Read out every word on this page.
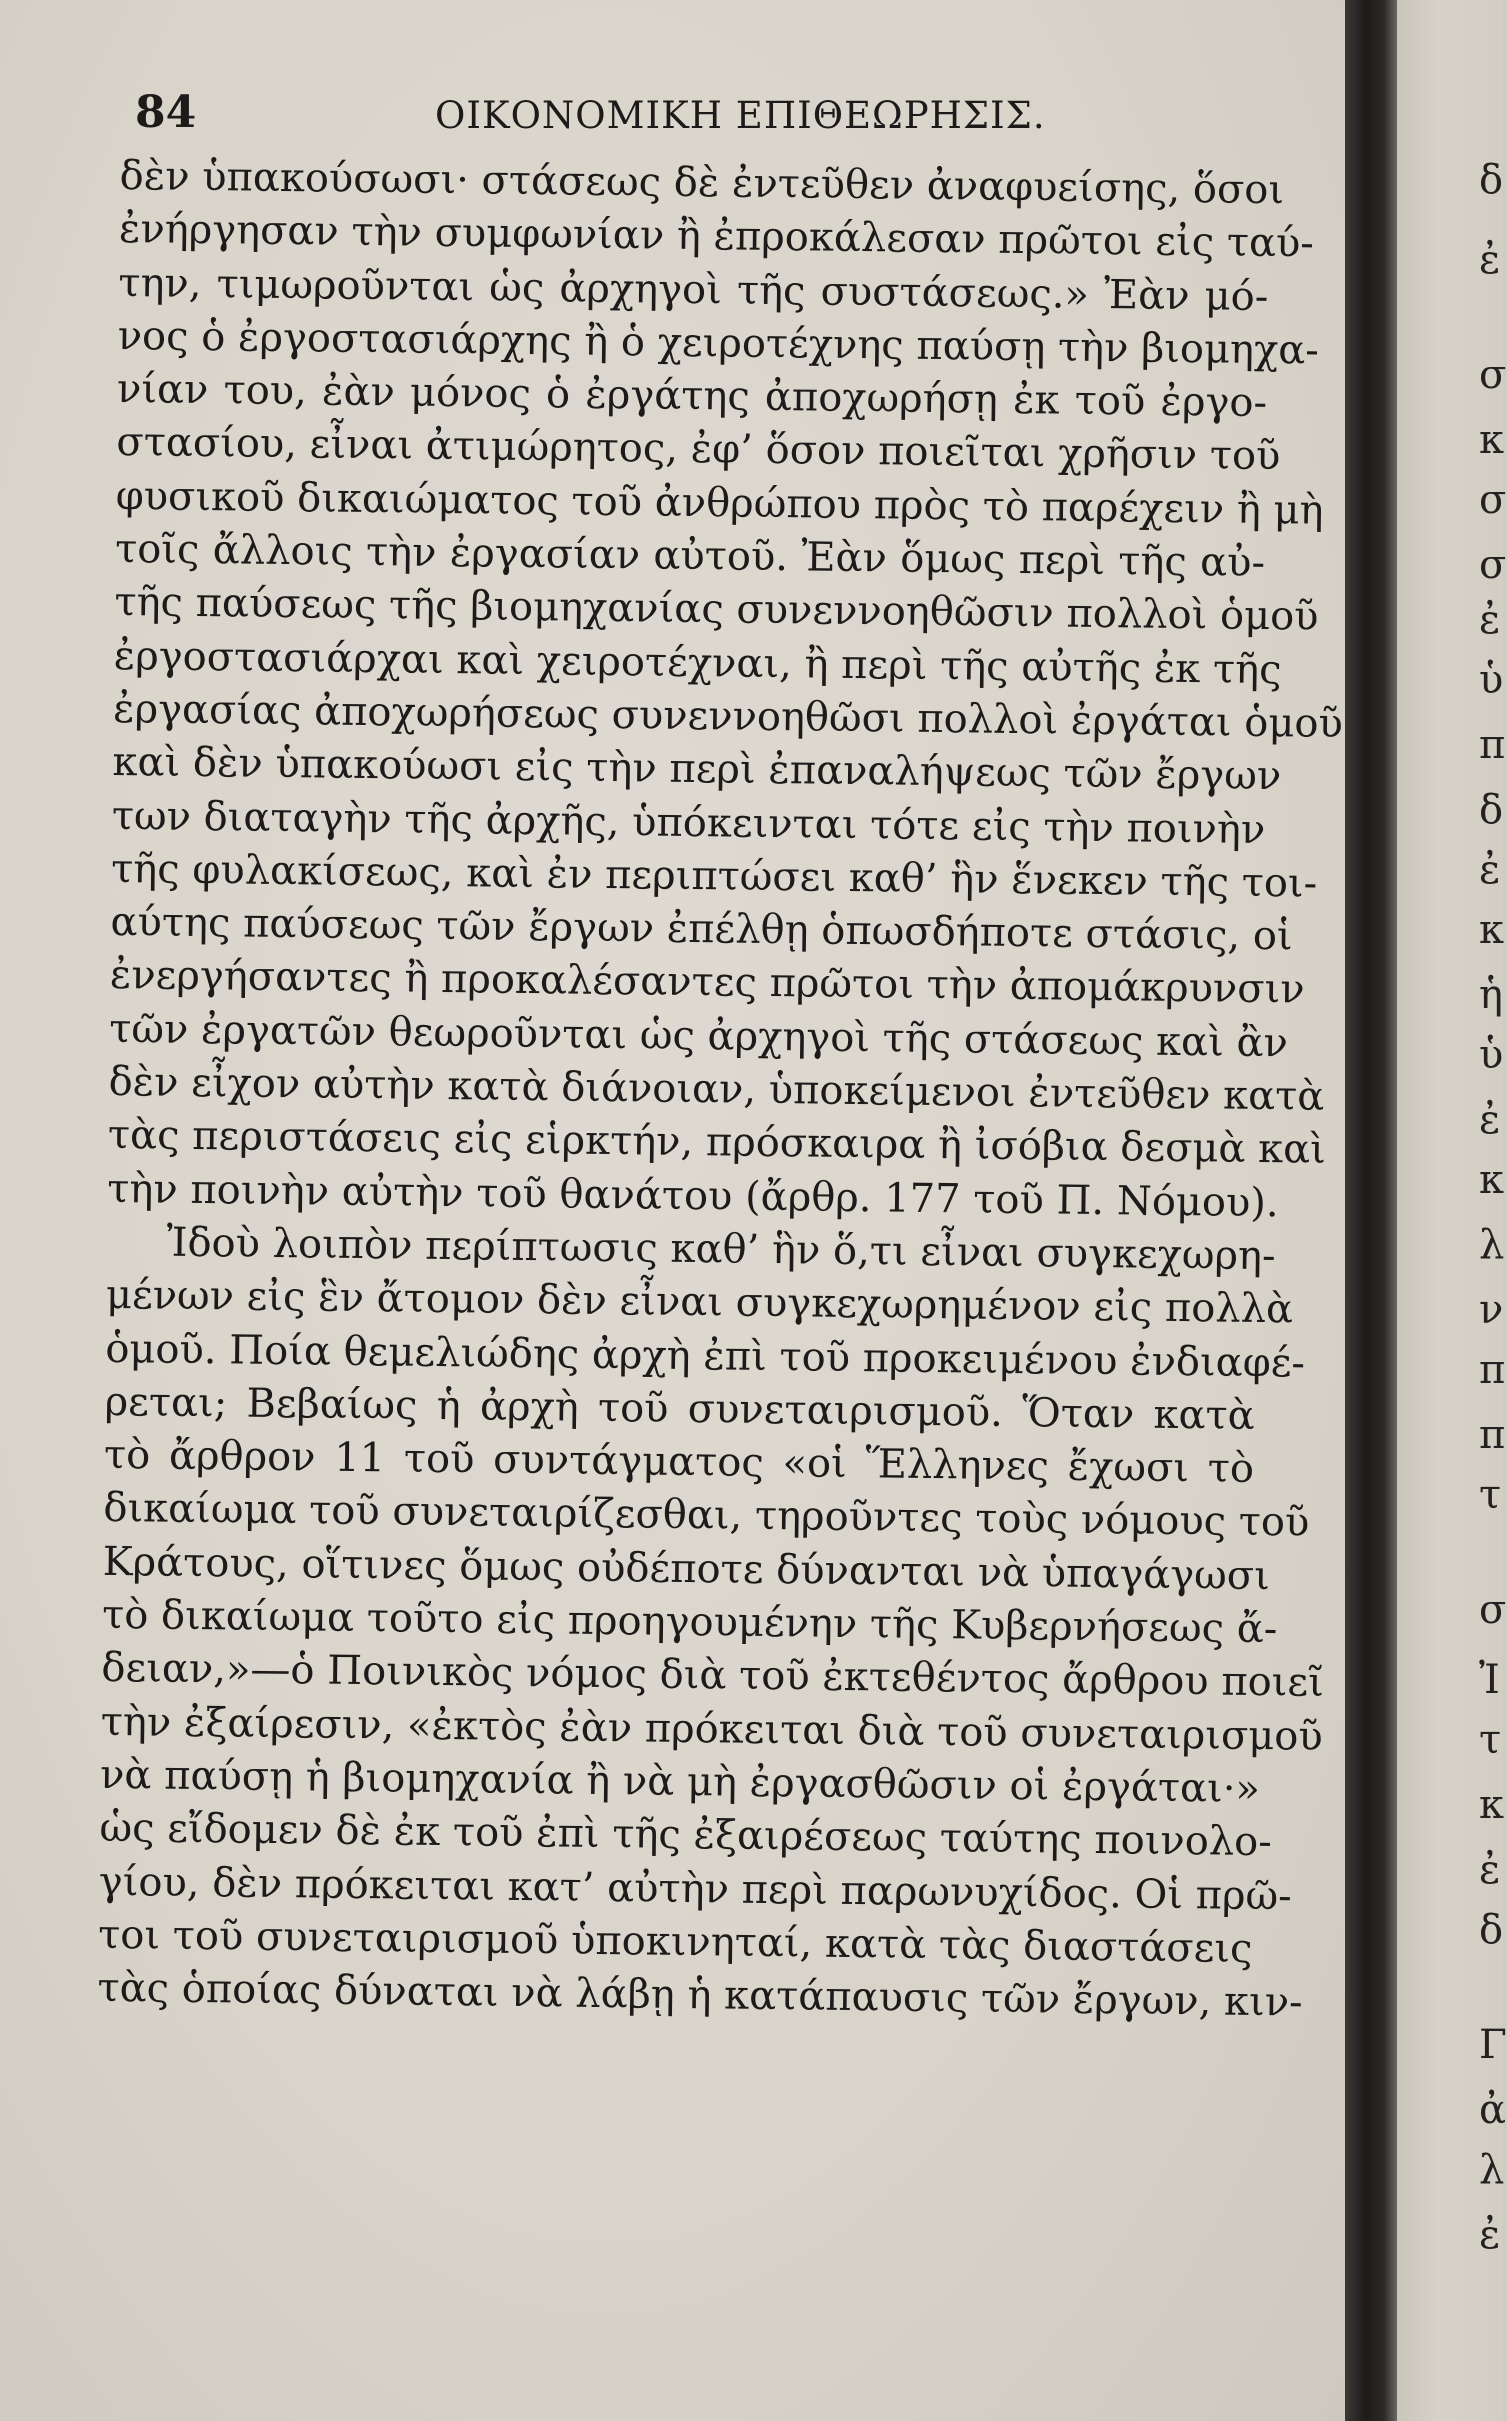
84	ΟΙΚΟΝΟΜΙΚΗ ΕΠΙΘΕΩΡΗΣΙΣ.
δὲν ὑπακούσωσι· στάσεως δὲ ἐντεῦθεν ἀναφυείσης, ὅσοι
ἐνήργησαν τὴν συμφωνίαν ἢ ἐπροκάλεσαν πρῶτοι εἰς ταύ-
την, τιμωροῦνται ὡς ἀρχηγοὶ τῆς συστάσεως.» Ἐὰν μό-
νος ὁ ἐργοστασιάρχης ἢ ὁ χειροτέχνης παύσῃ τὴν βιομηχα-
νίαν του, ἐὰν μόνος ὁ ἐργάτης ἀποχωρήσῃ ἐκ τοῦ ἐργο-
στασίου, εἶναι ἀτιμώρητος, ἐφ’ ὅσον ποιεῖται χρῆσιν τοῦ
φυσικοῦ δικαιώματος τοῦ ἀνθρώπου πρὸς τὸ παρέχειν ἢ μὴ
τοῖς ἄλλοις τὴν ἐργασίαν αὐτοῦ. Ἐὰν ὅμως περὶ τῆς αὐ-
τῆς παύσεως τῆς βιομηχανίας συνεννοηθῶσιν πολλοὶ ὁμοῦ
ἐργοστασιάρχαι καὶ χειροτέχναι, ἢ περὶ τῆς αὐτῆς ἐκ τῆς
ἐργασίας ἀποχωρήσεως συνεννοηθῶσι πολλοὶ ἐργάται ὁμοῦ
καὶ δὲν ὑπακούωσι εἰς τὴν περὶ ἐπαναλήψεως τῶν ἔργων
των διαταγὴν τῆς ἀρχῆς, ὑπόκεινται τότε εἰς τὴν ποινὴν
τῆς φυλακίσεως, καὶ ἐν περιπτώσει καθ’ ἣν ἕνεκεν τῆς τοι-
αύτης παύσεως τῶν ἔργων ἐπέλθῃ ὁπωσδήποτε στάσις, οἱ
ἐνεργήσαντες ἢ προκαλέσαντες πρῶτοι τὴν ἀπομάκρυνσιν
τῶν ἐργατῶν θεωροῦνται ὡς ἀρχηγοὶ τῆς στάσεως καὶ ἂν
δὲν εἶχον αὐτὴν κατὰ διάνοιαν, ὑποκείμενοι ἐντεῦθεν κατὰ
τὰς περιστάσεις εἰς εἱρκτήν, πρόσκαιρα ἢ ἰσόβια δεσμὰ καὶ
τὴν ποινὴν αὐτὴν τοῦ θανάτου (ἄρθρ. 177 τοῦ Π. Νόμου).
Ἰδοὺ λοιπὸν περίπτωσις καθ’ ἣν ὅ,τι εἶναι συγκεχωρη-
μένων εἰς ἓν ἄτομον δὲν εἶναι συγκεχωρημένον εἰς πολλὰ
ὁμοῦ. Ποία θεμελιώδης ἀρχὴ ἐπὶ τοῦ προκειμένου ἐνδιαφέ-
ρεται; Βεβαίως ἡ ἀρχὴ τοῦ συνεταιρισμοῦ. Ὅταν κατὰ
τὸ ἄρθρον 11 τοῦ συντάγματος «οἱ Ἕλληνες ἔχωσι τὸ
δικαίωμα τοῦ συνεταιρίζεσθαι, τηροῦντες τοὺς νόμους τοῦ
Κράτους, οἵτινες ὅμως οὐδέποτε δύνανται νὰ ὑπαγάγωσι
τὸ δικαίωμα τοῦτο εἰς προηγουμένην τῆς Κυβερνήσεως ἄ-
δειαν,»—ὁ Ποινικὸς νόμος διὰ τοῦ ἐκτεθέντος ἄρθρου ποιεῖ
τὴν ἐξαίρεσιν, «ἐκτὸς ἐὰν πρόκειται διὰ τοῦ συνεταιρισμοῦ
νὰ παύσῃ ἡ βιομηχανία ἢ νὰ μὴ ἐργασθῶσιν οἱ ἐργάται·»
ὡς εἴδομεν δὲ ἐκ τοῦ ἐπὶ τῆς ἐξαιρέσεως ταύτης ποινολο-
γίου, δὲν πρόκειται κατ’ αὐτὴν περὶ παρωνυχίδος. Οἱ πρῶ-
τοι τοῦ συνεταιρισμοῦ ὑποκινηταί, κατὰ τὰς διαστάσεις
τὰς ὁποίας δύναται νὰ λάβῃ ἡ κατάπαυσις τῶν ἔργων, κιν-
δ
ἐ
σ
κ
σ
σ
ἐ
ὑ
π
δ
ἐ
κ
ἡ
ὑ
ἐ
κ
λ
ν
π
π
τ
σ
Ἰ
τ
κ
ἐ
δ
Γ
ἀ
λ
ἐ
